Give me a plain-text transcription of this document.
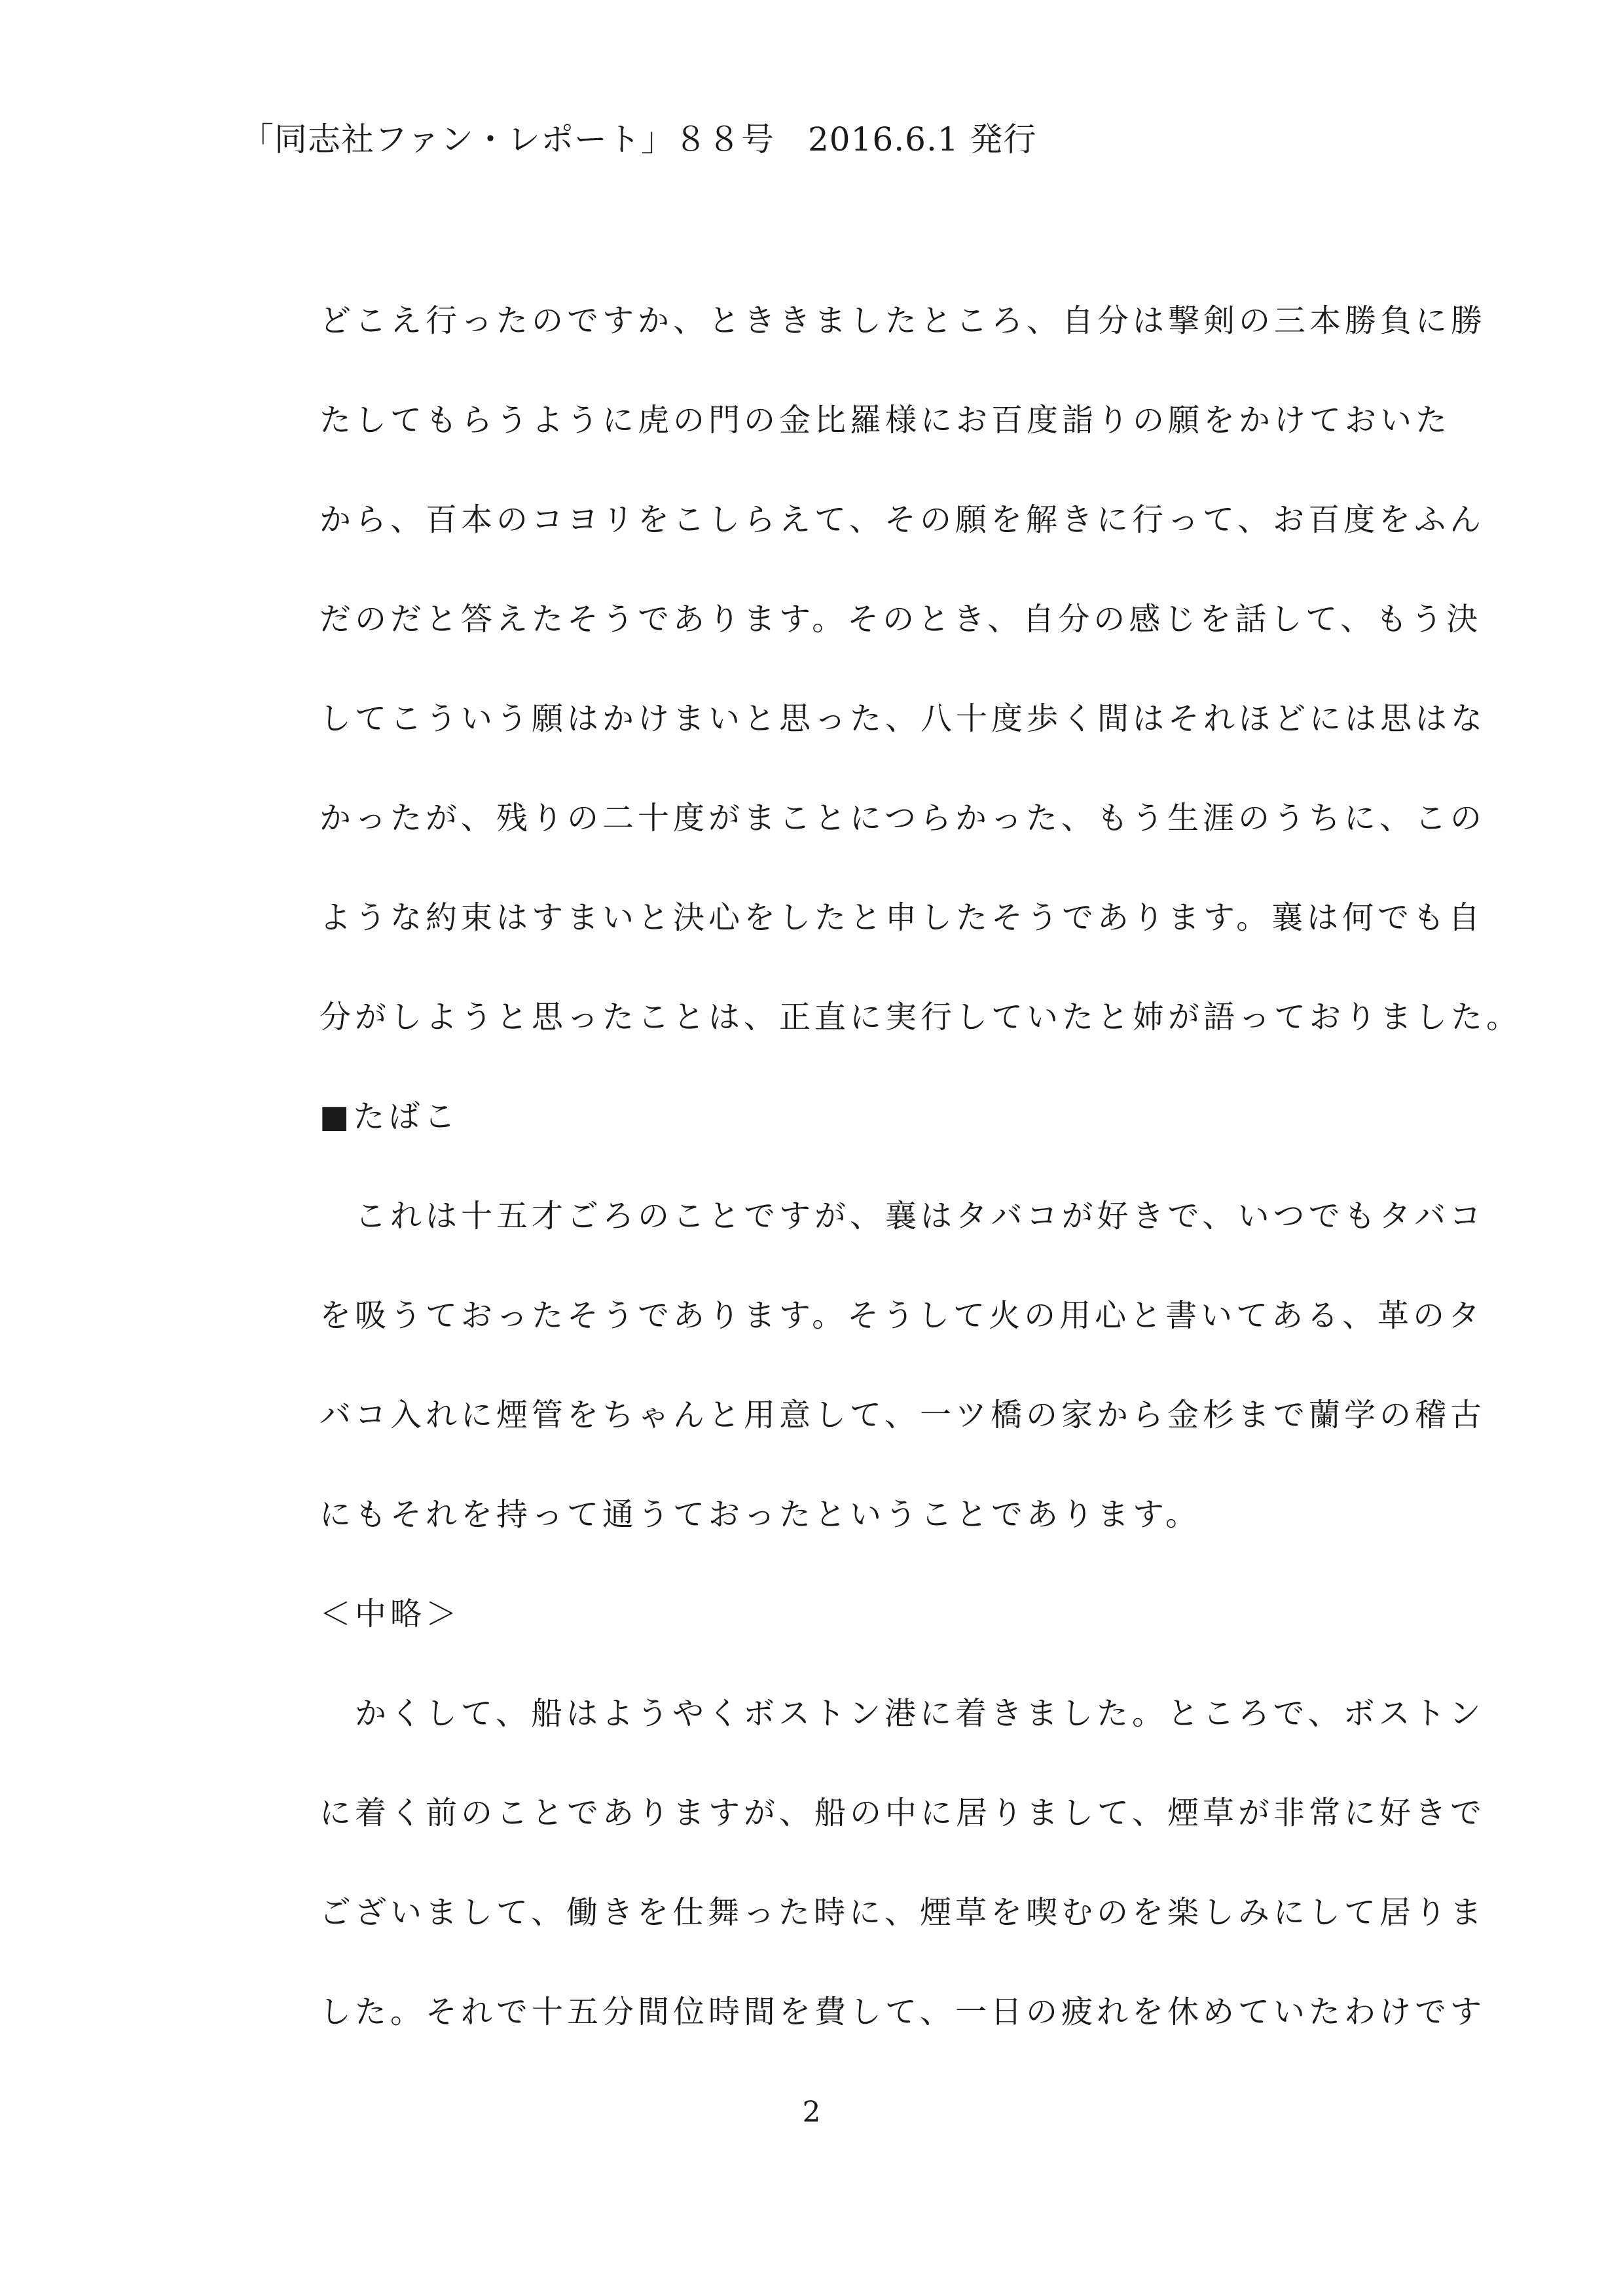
「同志社ファン・レポート」８８号　2016.6.1 発行
どこえ行ったのですか、とききましたところ、自分は撃剣の三本勝負に勝
たしてもらうように虎の門の金比羅様にお百度詣りの願をかけておいた
から、百本のコヨリをこしらえて、その願を解きに行って、お百度をふん
だのだと答えたそうであります。そのとき、自分の感じを話して、もう決
してこういう願はかけまいと思った、八十度歩く間はそれほどには思はな
かったが、残りの二十度がまことにつらかった、もう生涯のうちに、この
ような約束はすまいと決心をしたと申したそうであります。襄は何でも自
分がしようと思ったことは、正直に実行していたと姉が語っておりました。
■たばこ
　これは十五才ごろのことですが、襄はタバコが好きで、いつでもタバコ
を吸うておったそうであります。そうして火の用心と書いてある、革のタ
バコ入れに煙管をちゃんと用意して、一ツ橋の家から金杉まで蘭学の稽古
にもそれを持って通うておったということであります。
＜中略＞
　かくして、船はようやくボストン港に着きました。ところで、ボストン
に着く前のことでありますが、船の中に居りまして、煙草が非常に好きで
ございまして、働きを仕舞った時に、煙草を喫むのを楽しみにして居りま
した。それで十五分間位時間を費して、一日の疲れを休めていたわけです
2
